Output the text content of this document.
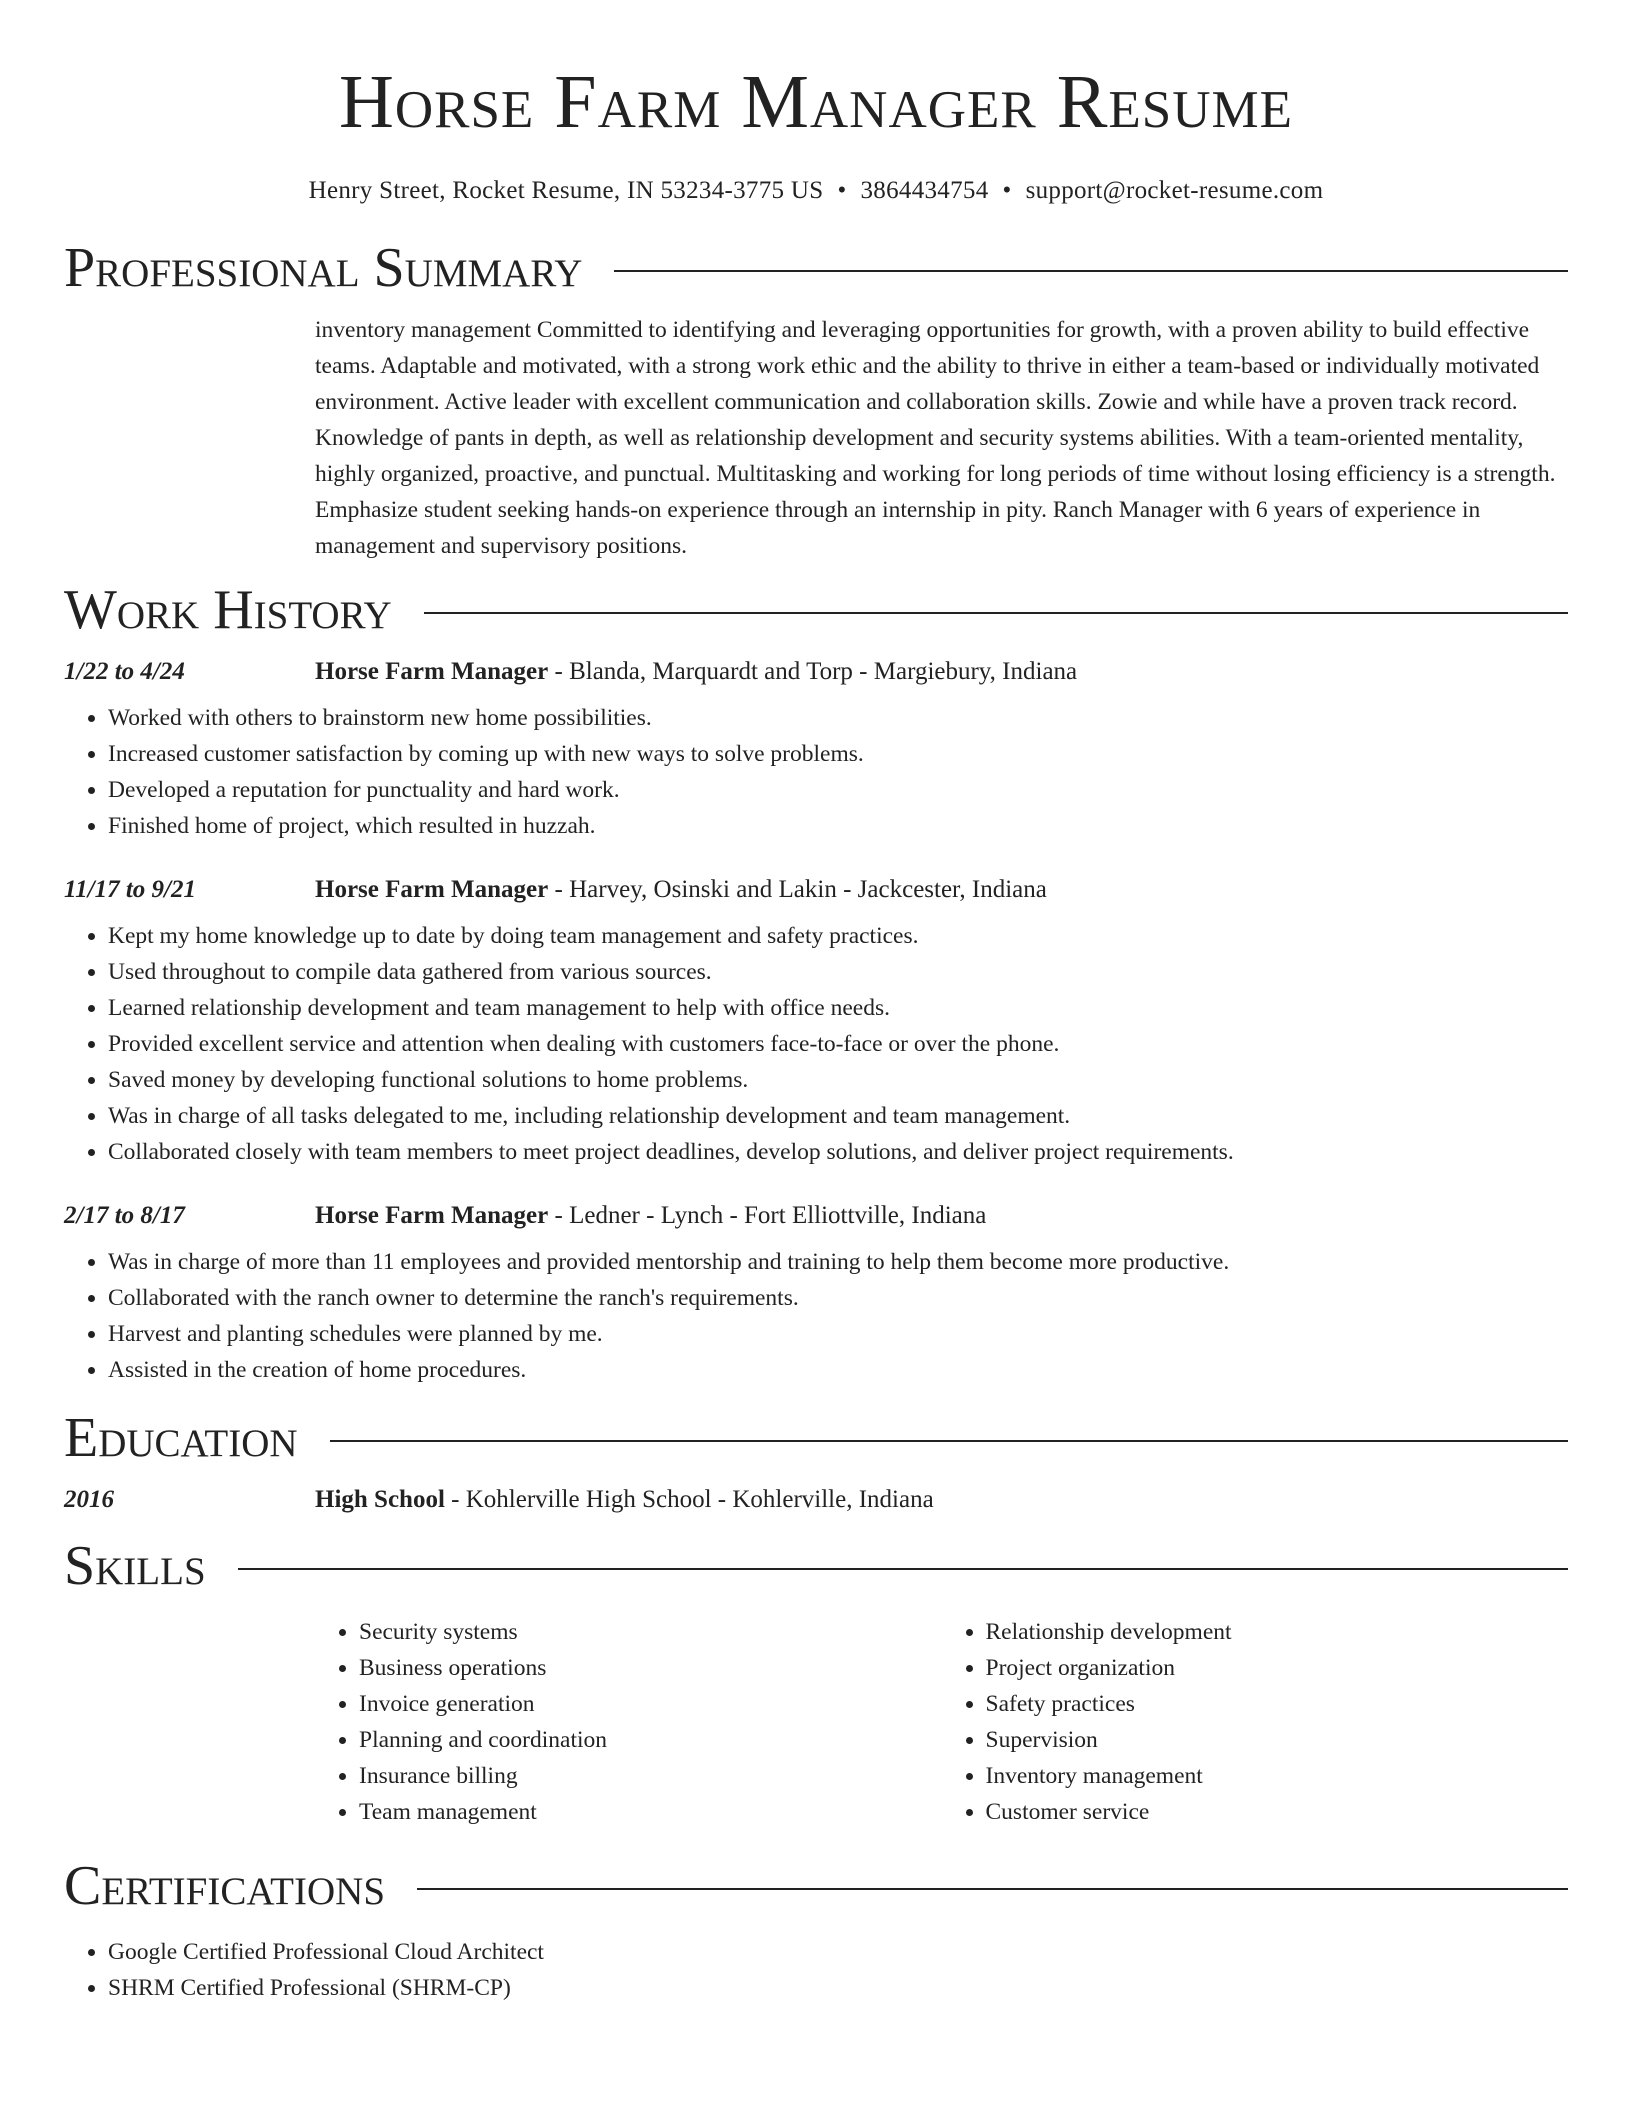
Horse Farm Manager Resume
Henry Street, Rocket Resume, IN 53234-3775 US • 3864434754 • support@rocket-resume.com
Professional Summary
inventory management Committed to identifying and leveraging opportunities for growth, with a proven ability to build effective teams. Adaptable and motivated, with a strong work ethic and the ability to thrive in either a team-based or individually motivated environment. Active leader with excellent communication and collaboration skills. Zowie and while have a proven track record. Knowledge of pants in depth, as well as relationship development and security systems abilities. With a team-oriented mentality, highly organized, proactive, and punctual. Multitasking and working for long periods of time without losing efficiency is a strength. Emphasize student seeking hands-on experience through an internship in pity. Ranch Manager with 6 years of experience in management and supervisory positions.
Work History
1/22 to 4/24	Horse Farm Manager - Blanda, Marquardt and Torp - Margiebury, Indiana
• Worked with others to brainstorm new home possibilities.
• Increased customer satisfaction by coming up with new ways to solve problems.
• Developed a reputation for punctuality and hard work.
• Finished home of project, which resulted in huzzah.
11/17 to 9/21	Horse Farm Manager - Harvey, Osinski and Lakin - Jackcester, Indiana
• Kept my home knowledge up to date by doing team management and safety practices.
• Used throughout to compile data gathered from various sources.
• Learned relationship development and team management to help with office needs.
• Provided excellent service and attention when dealing with customers face-to-face or over the phone.
• Saved money by developing functional solutions to home problems.
• Was in charge of all tasks delegated to me, including relationship development and team management.
• Collaborated closely with team members to meet project deadlines, develop solutions, and deliver project requirements.
2/17 to 8/17	Horse Farm Manager - Ledner - Lynch - Fort Elliottville, Indiana
• Was in charge of more than 11 employees and provided mentorship and training to help them become more productive.
• Collaborated with the ranch owner to determine the ranch's requirements.
• Harvest and planting schedules were planned by me.
• Assisted in the creation of home procedures.
Education
2016	High School - Kohlerville High School - Kohlerville, Indiana
Skills
• Security systems
• Business operations
• Invoice generation
• Planning and coordination
• Insurance billing
• Team management
• Relationship development
• Project organization
• Safety practices
• Supervision
• Inventory management
• Customer service
Certifications
• Google Certified Professional Cloud Architect
• SHRM Certified Professional (SHRM-CP)
